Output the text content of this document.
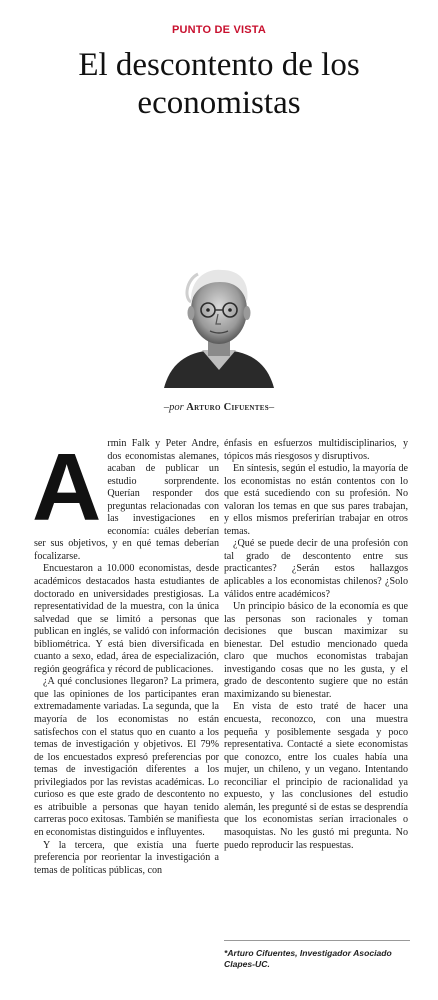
PUNTO DE VISTA
El descontento de los economistas
–por Arturo Cifuentes–
A rmin Falk y Peter Andre, dos economistas alemanes, acaban de publicar un estudio sorprendente. Querían responder dos preguntas relacionadas con las investigaciones en economía: cuáles deberían ser sus objetivos, y en qué temas deberían focalizarse.

Encuestaron a 10.000 economistas, desde académicos destacados hasta estudiantes de doctorado en universidades prestigiosas. La representatividad de la muestra, con la única salvedad que se limitó a personas que publican en inglés, se validó con información bibliométrica. Y está bien diversificada en cuanto a sexo, edad, área de especialización, región geográfica y récord de publicaciones.

¿A qué conclusiones llegaron? La primera, que las opiniones de los participantes eran extremadamente variadas. La segunda, que la mayoría de los economistas no están satisfechos con el status quo en cuanto a los temas de investigación y objetivos. El 79% de los encuestados expresó preferencias por temas de investigación diferentes a los privilegiados por las revistas académicas. Lo curioso es que este grado de descontento no es atribuible a personas que hayan tenido carreras poco exitosas. También se manifiesta en economistas distinguidos e influyentes.

Y la tercera, que existía una fuerte preferencia por reorientar la investigación a temas de políticas públicas, con

énfasis en esfuerzos multidisciplinarios, y tópicos más riesgosos y disruptivos.

En síntesis, según el estudio, la mayoría de los economistas no están contentos con lo que está sucediendo con su profesión. No valoran los temas en que sus pares trabajan, y ellos mismos preferirían trabajar en otros temas.

¿Qué se puede decir de una profesión con tal grado de descontento entre sus practicantes? ¿Serán estos hallazgos aplicables a los economistas chilenos? ¿Solo válidos entre académicos?

Un principio básico de la economía es que las personas son racionales y toman decisiones que buscan maximizar su bienestar. Del estudio mencionado queda claro que muchos economistas trabajan investigando cosas que no les gusta, y el grado de descontento sugiere que no están maximizando su bienestar.

En vista de esto traté de hacer una encuesta, reconozco, con una muestra pequeña y posiblemente sesgada y poco representativa. Contacté a siete economistas que conozco, entre los cuales había una mujer, un chileno, y un vegano. Intentando reconciliar el principio de racionalidad ya expuesto, y las conclusiones del estudio alemán, les pregunté si de estas se desprendía que los economistas serían irracionales o masoquistas. No les gustó mi pregunta. No puedo reproducir las respuestas.

*Arturo Cifuentes, Investigador Asociado Clapes-UC.
